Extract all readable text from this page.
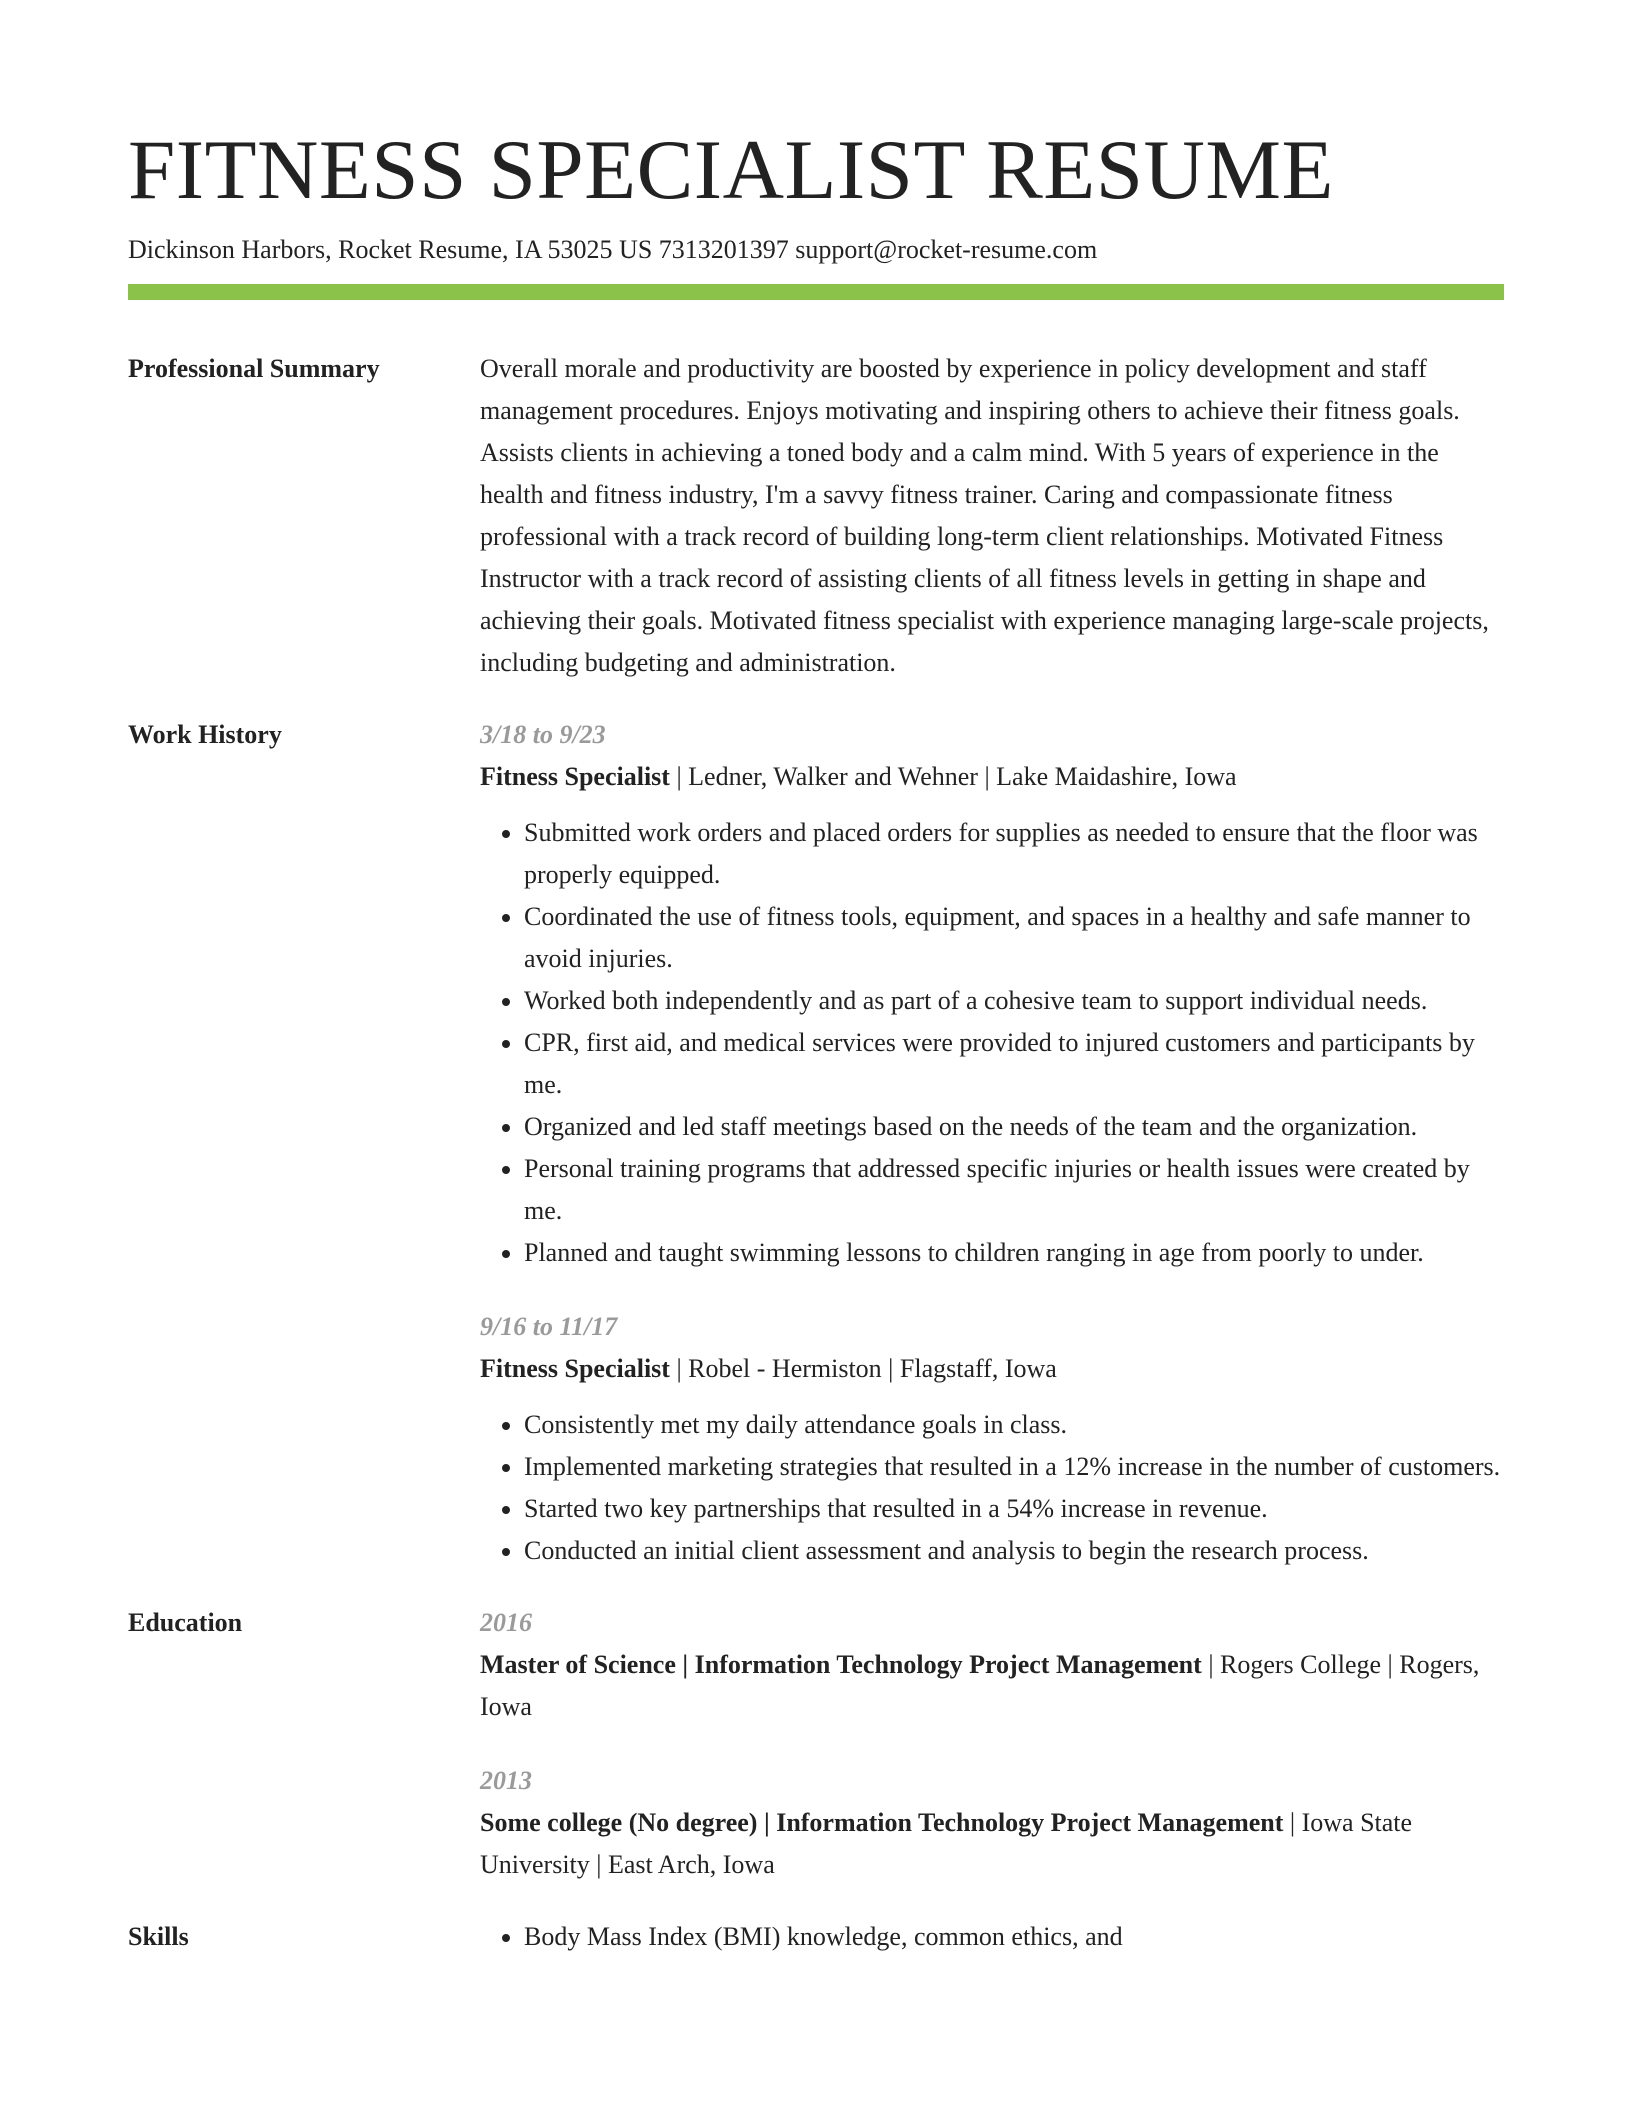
FITNESS SPECIALIST RESUME
Dickinson Harbors, Rocket Resume, IA 53025 US 7313201397 support@rocket-resume.com
Professional Summary	Overall morale and productivity are boosted by experience in policy development and staff management procedures. Enjoys motivating and inspiring others to achieve their fitness goals. Assists clients in achieving a toned body and a calm mind. With 5 years of experience in the health and fitness industry, I'm a savvy fitness trainer. Caring and compassionate fitness professional with a track record of building long-term client relationships. Motivated Fitness Instructor with a track record of assisting clients of all fitness levels in getting in shape and achieving their goals. Motivated fitness specialist with experience managing large-scale projects, including budgeting and administration.
Work History	3/18 to 9/23
Fitness Specialist | Ledner, Walker and Wehner | Lake Maidashire, Iowa
• Submitted work orders and placed orders for supplies as needed to ensure that the floor was properly equipped.
• Coordinated the use of fitness tools, equipment, and spaces in a healthy and safe manner to avoid injuries.
• Worked both independently and as part of a cohesive team to support individual needs.
• CPR, first aid, and medical services were provided to injured customers and participants by me.
• Organized and led staff meetings based on the needs of the team and the organization.
• Personal training programs that addressed specific injuries or health issues were created by me.
• Planned and taught swimming lessons to children ranging in age from poorly to under.
9/16 to 11/17
Fitness Specialist | Robel - Hermiston | Flagstaff, Iowa
• Consistently met my daily attendance goals in class.
• Implemented marketing strategies that resulted in a 12% increase in the number of customers.
• Started two key partnerships that resulted in a 54% increase in revenue.
• Conducted an initial client assessment and analysis to begin the research process.
Education	2016
Master of Science | Information Technology Project Management | Rogers College | Rogers, Iowa
2013
Some college (No degree) | Information Technology Project Management | Iowa State University | East Arch, Iowa
Skills
•	Body Mass Index (BMI) knowledge, common ethics, and
